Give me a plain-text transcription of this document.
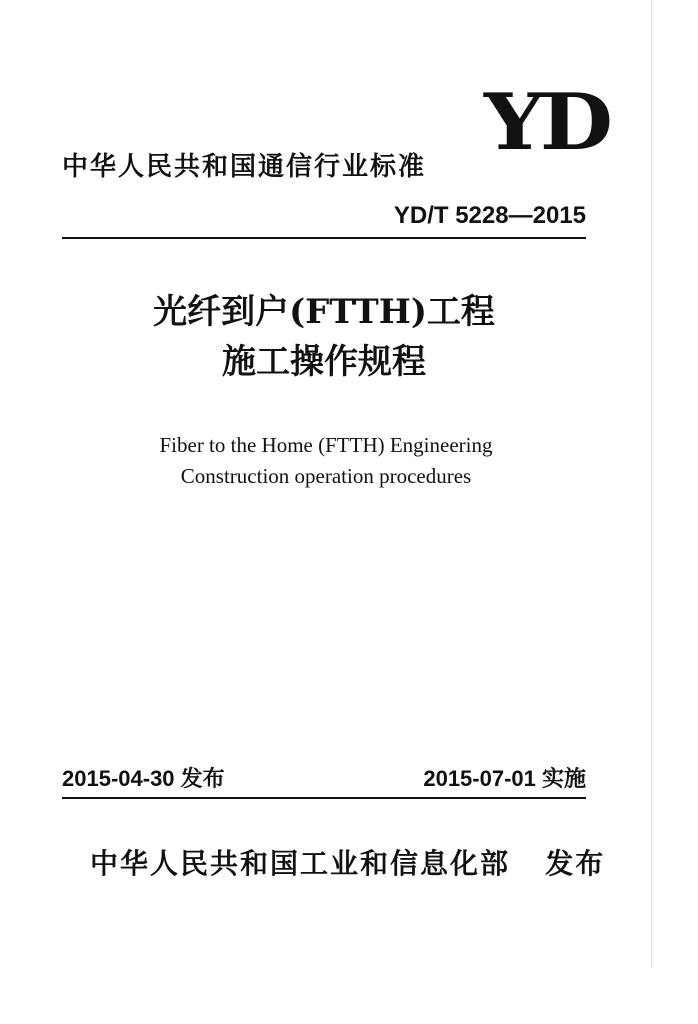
中华人民共和国通信行业标准 YD
YD/T 5228—2015
光纤到户(FTTH)工程
施工操作规程
Fiber to the Home (FTTH) Engineering
Construction operation procedures
2015-04-30 发布	2015-07-01 实施
中华人民共和国工业和信息化部   发布
